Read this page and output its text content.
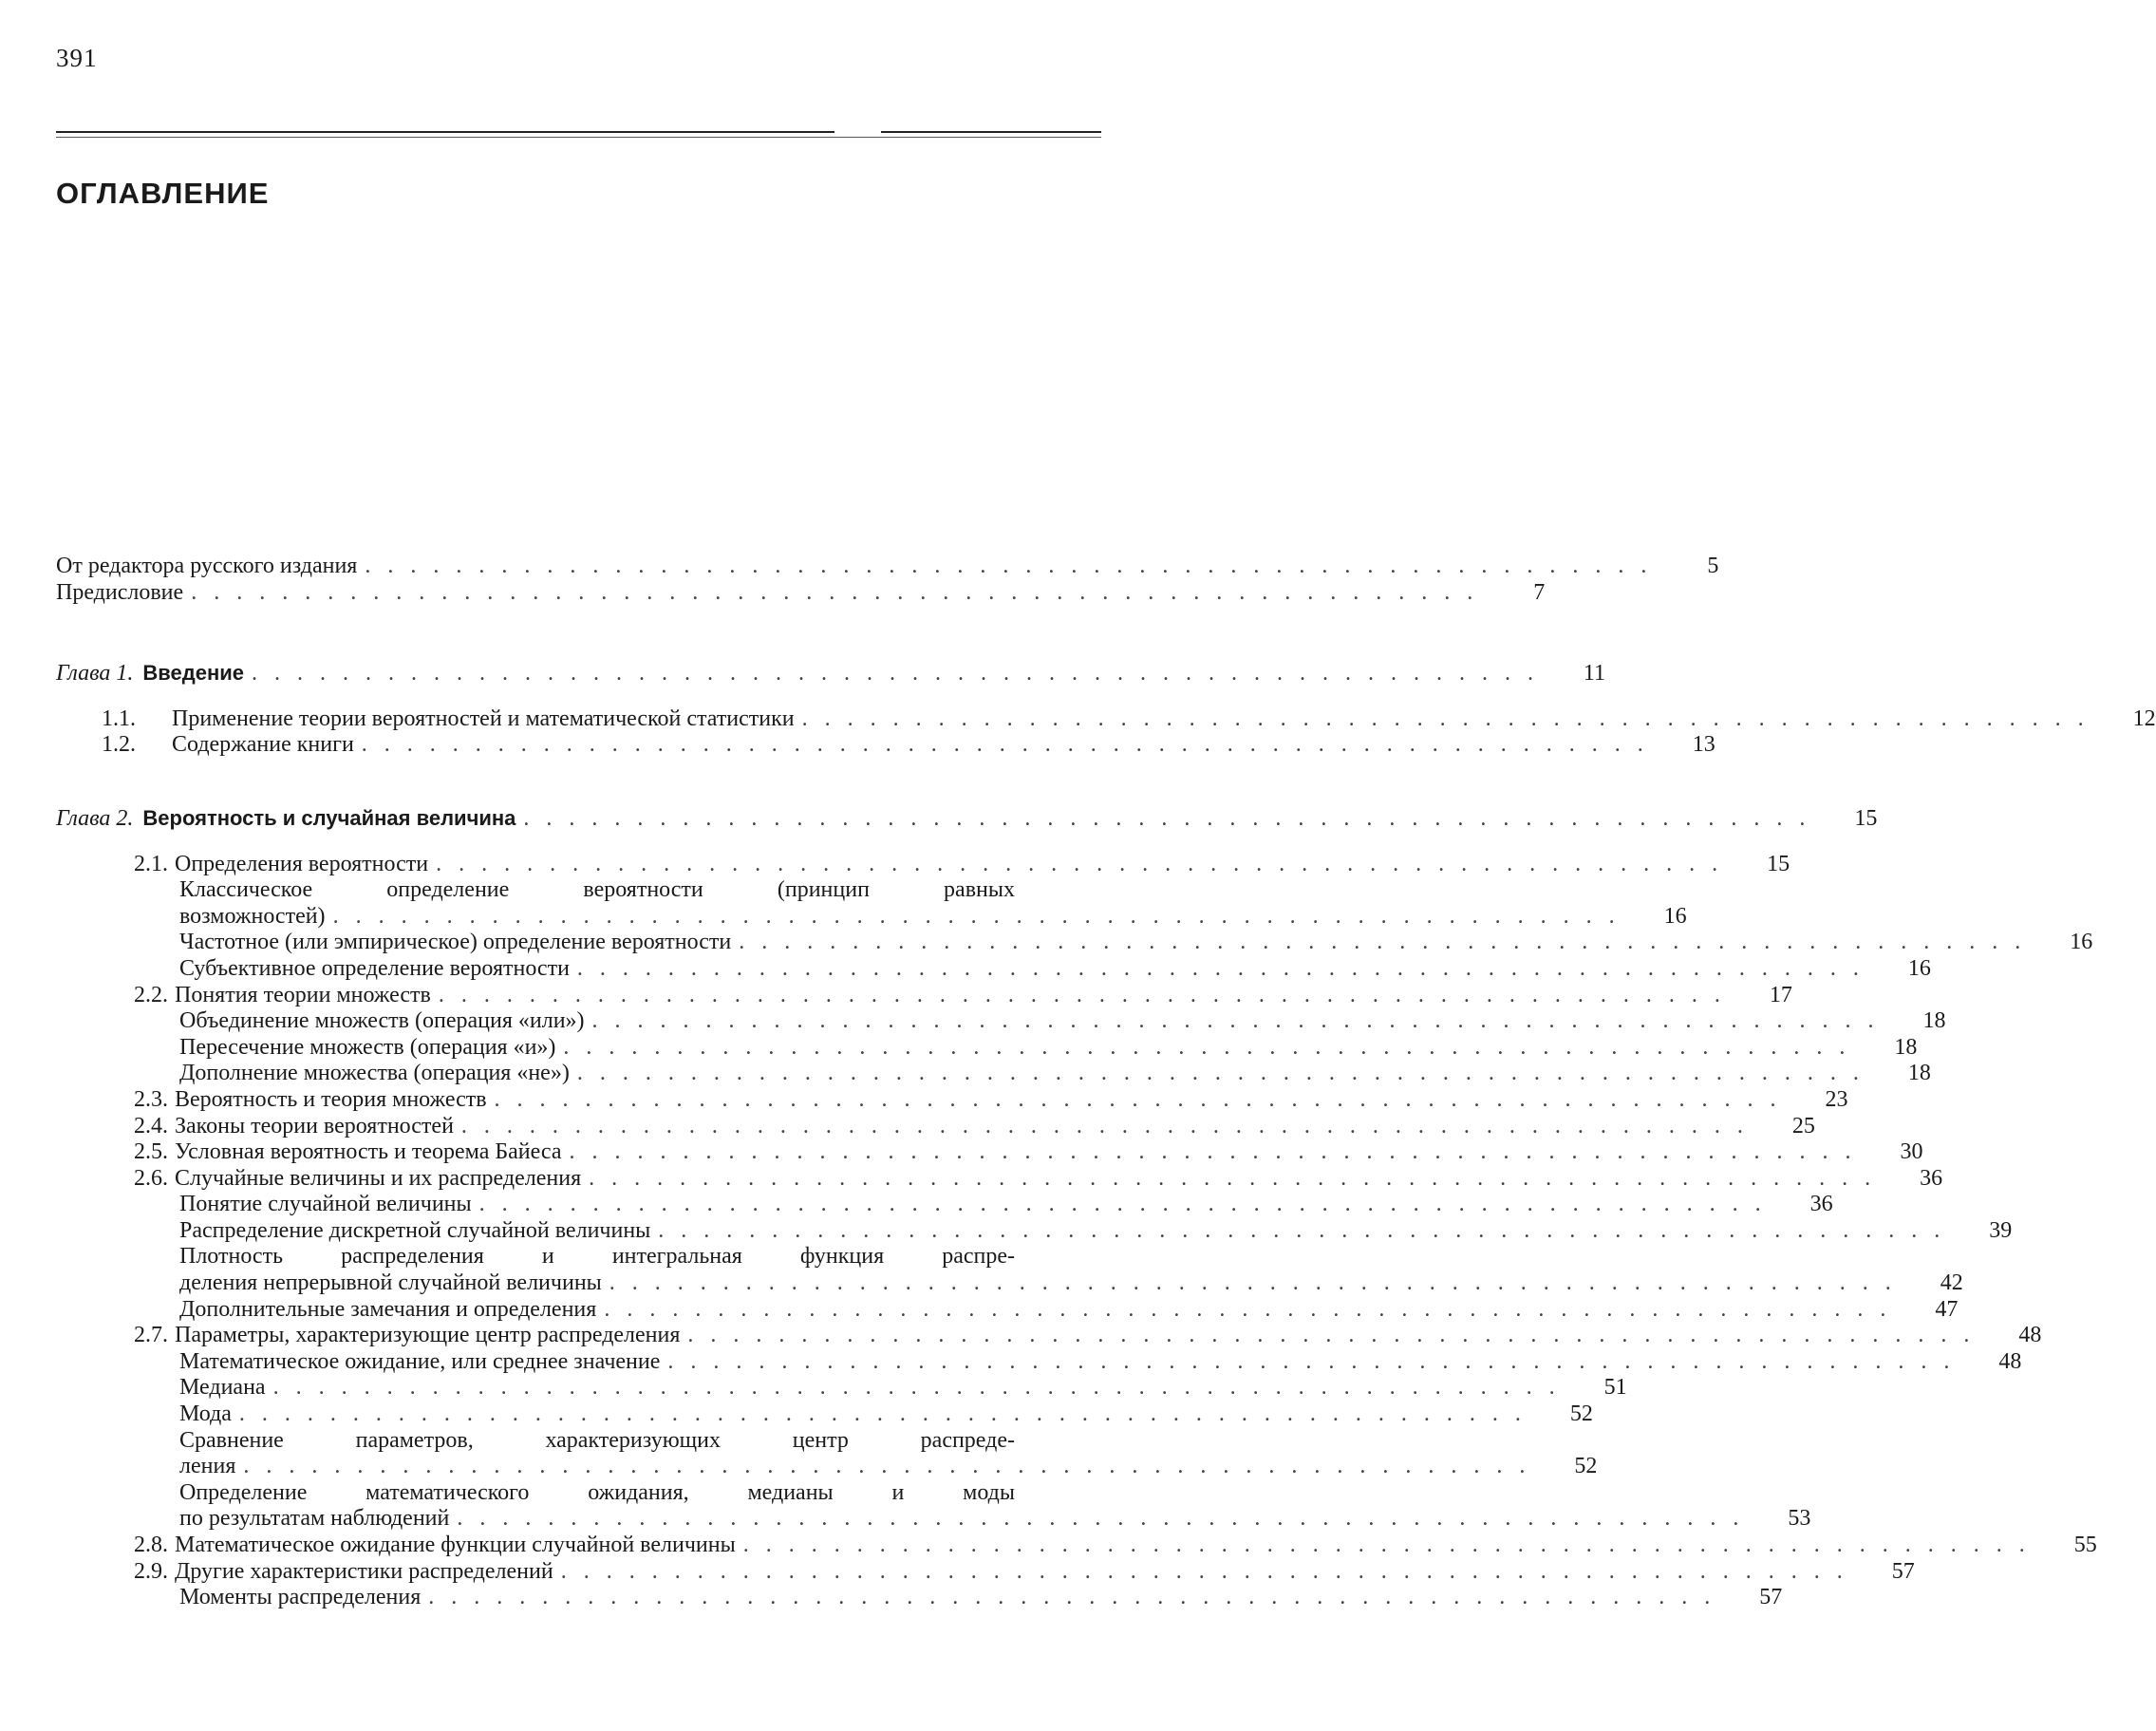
391
ОГЛАВЛЕНИЕ
От редактора русского издания . . .	5
Предисловие . . .	7
Глава 1. Введение . . .	11
1.1.	Применение теории вероятностей и математической статистики . . .	12
1.2.	Содержание книги . . .	13
Глава 2. Вероятность и случайная величина . . .	15
2.1. Определения вероятности . . .	15
Классическое определение вероятности (принцип равных
возможностей) . . .	16
Частотное (или эмпирическое) определение вероятности . . .	16
Субъективное определение вероятности . . .	16
2.2. Понятия теории множеств . . .	17
Объединение множеств (операция «или») . . .	18
Пересечение множеств (операция «и») . . .	18
Дополнение множества (операция «не») . . .	18
2.3. Вероятность и теория множеств . . .	23
2.4. Законы теории вероятностей . . .	25
2.5. Условная вероятность и теорема Байеса . . .	30
2.6. Случайные величины и их распределения . . .	36
Понятие случайной величины . . .	36
Распределение дискретной случайной величины . . .	39
Плотность распределения и интегральная функция распре-
деления непрерывной случайной величины . . .	42
Дополнительные замечания и определения . . .	47
2.7. Параметры, характеризующие центр распределения . . .	48
Математическое ожидание, или среднее значение . . .	48
Медиана . . .	51
Мода . . .	52
Сравнение параметров, характеризующих центр распреде-
ления . . .	52
Определение математического ожидания, медианы и моды
по результатам наблюдений . . .	53
2.8. Математическое ожидание функции случайной величины . . .	55
2.9. Другие характеристики распределений . . .	57
Моменты распределения . . .	57
